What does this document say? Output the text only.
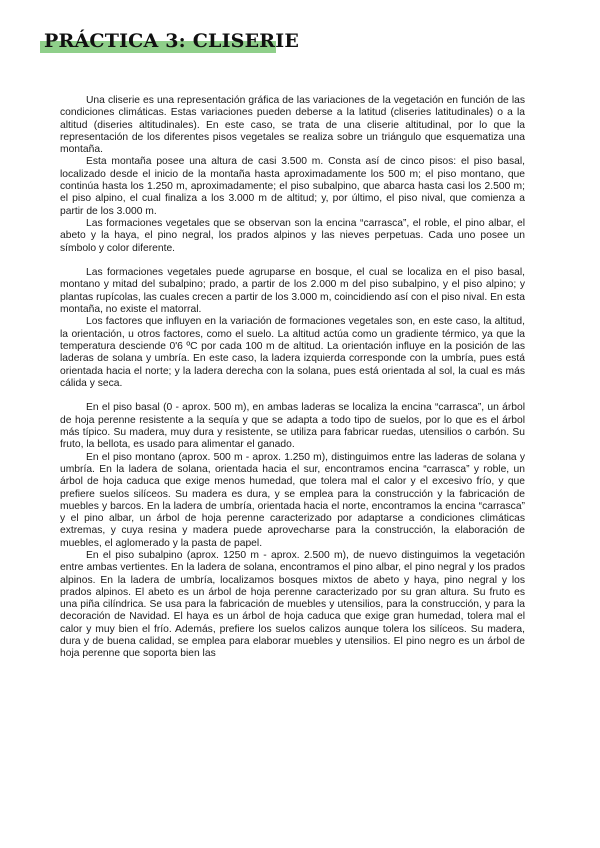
PRÁCTICA 3: CLISERIE

Una cliserie es una representación gráfica de las variaciones de la vegetación en función de las condiciones climáticas. Estas variaciones pueden deberse a la latitud (cliseries latitudinales) o a la altitud (diseries altitudinales). En este caso, se trata de una cliserie altitudinal, por lo que la representación de los diferentes pisos vegetales se realiza sobre un triángulo que esquematiza una montaña.

Esta montaña posee una altura de casi 3.500 m. Consta así de cinco pisos: el piso basal, localizado desde el inicio de la montaña hasta aproximadamente los 500 m; el piso montano, que continúa hasta los 1.250 m, aproximadamente; el piso subalpino, que abarca hasta casi los 2.500 m; el piso alpino, el cual finaliza a los 3.000 m de altitud; y, por último, el piso nival, que comienza a partir de los 3.000 m.

Las formaciones vegetales que se observan son la encina “carrasca”, el roble, el pino albar, el abeto y la haya, el pino negral, los prados alpinos y las nieves perpetuas. Cada uno posee un símbolo y color diferente.

Las formaciones vegetales puede agruparse en bosque, el cual se localiza en el piso basal, montano y mitad del subalpino; prado, a partir de los 2.000 m del piso subalpino, y el piso alpino; y plantas rupícolas, las cuales crecen a partir de los 3.000 m, coincidiendo así con el piso nival. En esta montaña, no existe el matorral.

Los factores que influyen en la variación de formaciones vegetales son, en este caso, la altitud, la orientación, u otros factores, como el suelo. La altitud actúa como un gradiente térmico, ya que la temperatura desciende 0'6 ºC por cada 100 m de altitud. La orientación influye en la posición de las laderas de solana y umbría. En este caso, la ladera izquierda corresponde con la umbría, pues está orientada hacia el norte; y la ladera derecha con la solana, pues está orientada al sol, la cual es más cálida y seca.

En el piso basal (0 - aprox. 500 m), en ambas laderas se localiza la encina “carrasca”, un árbol de hoja perenne resistente a la sequía y que se adapta a todo tipo de suelos, por lo que es el árbol más típico. Su madera, muy dura y resistente, se utiliza para fabricar ruedas, utensilios o carbón. Su fruto, la bellota, es usado para alimentar el ganado.

En el piso montano (aprox. 500 m - aprox. 1.250 m), distinguimos entre las laderas de solana y umbría. En la ladera de solana, orientada hacia el sur, encontramos encina “carrasca” y roble, un árbol de hoja caduca que exige menos humedad, que tolera mal el calor y el excesivo frío, y que prefiere suelos silíceos. Su madera es dura, y se emplea para la construcción y la fabricación de muebles y barcos. En la ladera de umbría, orientada hacia el norte, encontramos la encina “carrasca” y el pino albar, un árbol de hoja perenne caracterizado por adaptarse a condiciones climáticas extremas, y cuya resina y madera puede aprovecharse para la construcción, la elaboración de muebles, el aglomerado y la pasta de papel.

En el piso subalpino (aprox. 1250 m - aprox. 2.500 m), de nuevo distinguimos la vegetación entre ambas vertientes. En la ladera de solana, encontramos el pino albar, el pino negral y los prados alpinos. En la ladera de umbría, localizamos bosques mixtos de abeto y haya, pino negral y los prados alpinos. El abeto es un árbol de hoja perenne caracterizado por su gran altura. Su fruto es una piña cilíndrica. Se usa para la fabricación de muebles y utensilios, para la construcción, y para la decoración de Navidad. El haya es un árbol de hoja caduca que exige gran humedad, tolera mal el calor y muy bien el frío. Además, prefiere los suelos calizos aunque tolera los silíceos. Su madera, dura y de buena calidad, se emplea para elaborar muebles y utensilios. El pino negro es un árbol de hoja perenne que soporta bien las
